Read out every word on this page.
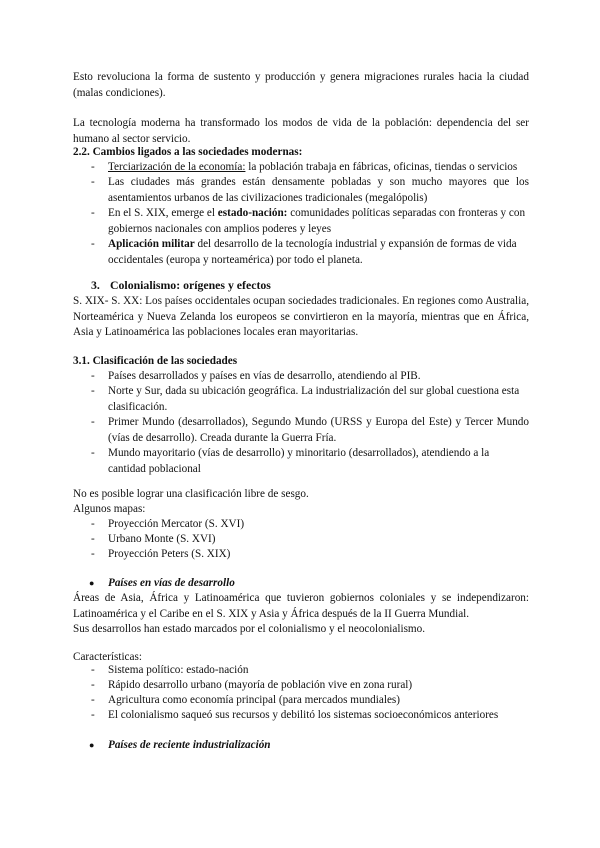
Esto revoluciona la forma de sustento y producción y genera migraciones rurales hacia la ciudad (malas condiciones).

La tecnología moderna ha transformado los modos de vida de la población: dependencia del ser humano al sector servicio.

2.2. Cambios ligados a las sociedades modernas:

- Terciarización de la economía: la población trabaja en fábricas, oficinas, tiendas o servicios
- Las ciudades más grandes están densamente pobladas y son mucho mayores que los asentamientos urbanos de las civilizaciones tradicionales (megalópolis)
- En el S. XIX, emerge el estado-nación: comunidades políticas separadas con fronteras y con gobiernos nacionales con amplios poderes y leyes
- Aplicación militar del desarrollo de la tecnología industrial y expansión de formas de vida occidentales (europa y norteamérica) por todo el planeta.
3. Colonialismo: orígenes y efectos

S. XIX- S. XX: Los países occidentales ocupan sociedades tradicionales. En regiones como Australia, Norteamérica y Nueva Zelanda los europeos se convirtieron en la mayoría, mientras que en África, Asia y Latinoamérica las poblaciones locales eran mayoritarias.

3.1. Clasificación de las sociedades

- Países desarrollados y países en vías de desarrollo, atendiendo al PIB.
- Norte y Sur, dada su ubicación geográfica. La industrialización del sur global cuestiona esta clasificación.
- Primer Mundo (desarrollados), Segundo Mundo (URSS y Europa del Este) y Tercer Mundo (vías de desarrollo). Creada durante la Guerra Fría.
- Mundo mayoritario (vías de desarrollo) y minoritario (desarrollados), atendiendo a la cantidad poblacional

No es posible lograr una clasificación libre de sesgo.

Algunos mapas:

- Proyección Mercator (S. XVI)
- Urbano Monte (S. XVI)
- Proyección Peters (S. XIX)
● Países en vías de desarrollo

Áreas de Asia, África y Latinoamérica que tuvieron gobiernos coloniales y se independizaron: Latinoamérica y el Caribe en el S. XIX y Asia y África después de la II Guerra Mundial.

Sus desarrollos han estado marcados por el colonialismo y el neocolonialismo.

Características:

- Sistema político: estado-nación
- Rápido desarrollo urbano (mayoría de población vive en zona rural)
- Agricultura como economía principal (para mercados mundiales)
- El colonialismo saqueó sus recursos y debilitó los sistemas socioeconómicos anteriores
● Países de reciente industrialización
